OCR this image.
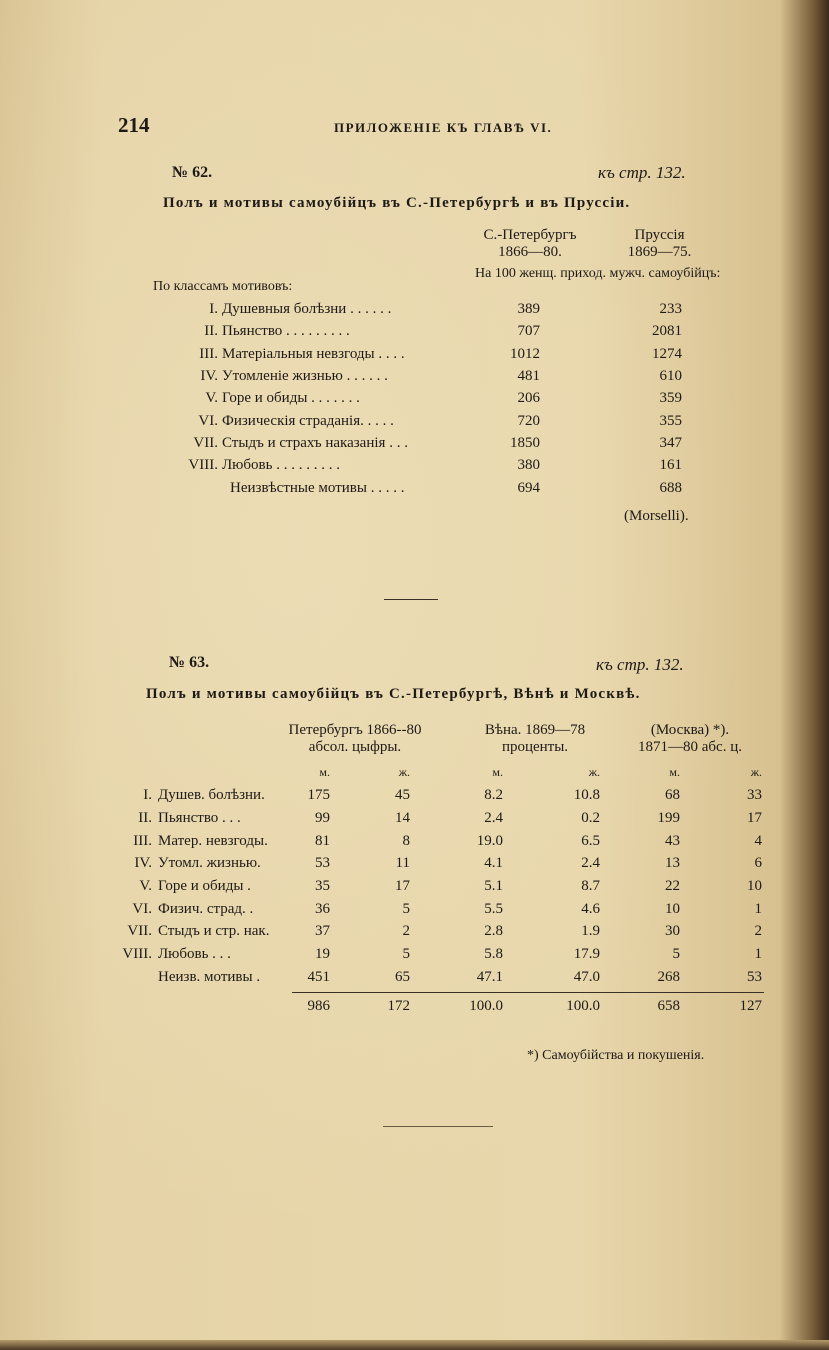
214	ПРИЛОЖЕНІЕ КЪ ГЛАВѢ VI.
№ 62.	къ стр. 132.
Полъ и мотивы самоубійцъ въ С.-Петербургѣ и въ Пруссіи.
С.-Петербургъ
1866—80.
Пруссія
1869—75.
На 100 женщ. приход. мужч. самоубійцъ:
По классамъ мотивовъ:
I. Душевныя болѣзни . . . . . .	389	233
II. Пьянство . . . . . . . . .	707	2081
III. Матеріальныя невзгоды . . . .	1012	1274
IV. Утомленіе жизнью . . . . . .	481	610
V. Горе и обиды . . . . . . .	206	359
VI. Физическія страданія. . . . .	720	355
VII. Стыдъ и страхъ наказанія . . .	1850	347
VIII. Любовь . . . . . . . . .	380	161
Неизвѣстные мотивы . . . . .	694	688
(Morselli).
№ 63.	къ стр. 132.
Полъ и мотивы самоубійцъ въ С.-Петербургѣ, Вѣнѣ и Москвѣ.
Петербургъ 1866--80
абсол. цыфры.
Вѣна. 1869—78
проценты.
(Москва) *).
1871—80 абс. ц.
м.	ж.	м.	ж.	м.	ж.
I. Душев. болѣзни.	175	45	8.2	10.8	68	33
II. Пьянство . . .	99	14	2.4	0.2	199	17
III. Матер. невзгоды.	81	8	19.0	6.5	43	4
IV. Утомл. жизнью.	53	11	4.1	2.4	13	6
V. Горе и обиды .	35	17	5.1	8.7	22	10
VI. Физич. страд. .	36	5	5.5	4.6	10	1
VII. Стыдъ и стр. нак.	37	2	2.8	1.9	30	2
VIII. Любовь . . .	19	5	5.8	17.9	5	1
Неизв. мотивы .	451	65	47.1	47.0	268	53
986	172	100.0	100.0	658	127
*) Самоубійства и покушенія.
